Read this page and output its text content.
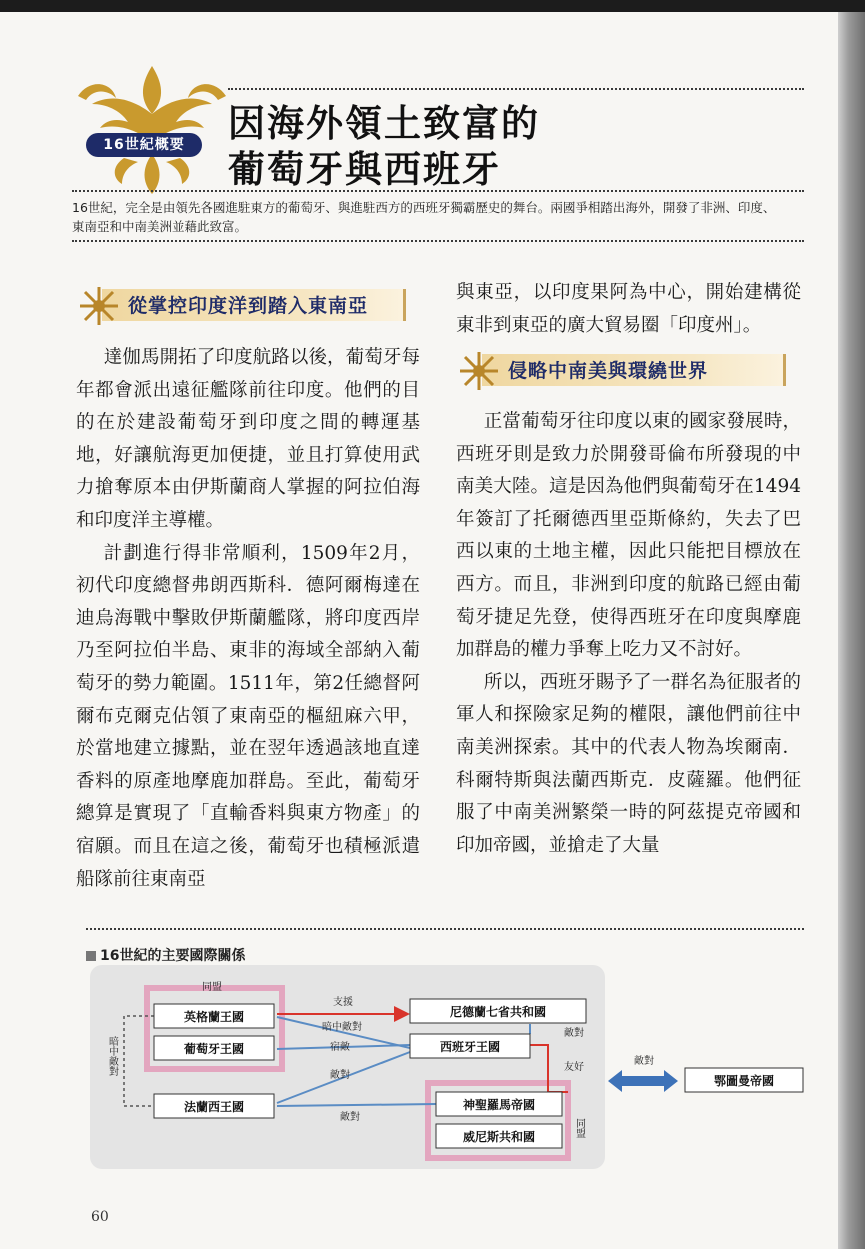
16世紀概要	因海外領土致富的
葡萄牙與西班牙

16世紀，完全是由領先各國進駐東方的葡萄牙、與進駐西方的西班牙獨霸歷史的舞台。兩國爭相踏出海外，開發了非洲、印度、東南亞和中南美洲並藉此致富。

從掌控印度洋到踏入東南亞

達伽馬開拓了印度航路以後，葡萄牙每年都會派出遠征艦隊前往印度。他們的目的在於建設葡萄牙到印度之間的轉運基地，好讓航海更加便捷，並且打算使用武力搶奪原本由伊斯蘭商人掌握的阿拉伯海和印度洋主導權。

計劃進行得非常順利，1509年2月，初代印度總督弗朗西斯科．德阿爾梅達在迪烏海戰中擊敗伊斯蘭艦隊，將印度西岸乃至阿拉伯半島、東非的海域全部納入葡萄牙的勢力範圍。1511年，第2任總督阿爾布克爾克佔領了東南亞的樞紐麻六甲，於當地建立據點，並在翌年透過該地直達香料的原產地摩鹿加群島。至此，葡萄牙總算是實現了「直輸香料與東方物產」的宿願。而且在這之後，葡萄牙也積極派遣船隊前往東南亞

與東亞，以印度果阿為中心，開始建構從東非到東亞的廣大貿易圈「印度州」。

侵略中南美與環繞世界

正當葡萄牙往印度以東的國家發展時，西班牙則是致力於開發哥倫布所發現的中南美大陸。這是因為他們與葡萄牙在1494年簽訂了托爾德西里亞斯條約，失去了巴西以東的土地主權，因此只能把目標放在西方。而且，非洲到印度的航路已經由葡萄牙捷足先登，使得西班牙在印度與摩鹿加群島的權力爭奪上吃力又不討好。

所以，西班牙賜予了一群名為征服者的軍人和探險家足夠的權限，讓他們前往中南美洲探索。其中的代表人物為埃爾南．科爾特斯與法蘭西斯克．皮薩羅。他們征服了中南美洲繁榮一時的阿茲提克帝國和印加帝國，並搶走了大量

16世紀的主要國際關係
英格蘭王國
葡萄牙王國
法蘭西王國
尼德蘭七省共和國
西班牙王國
神聖羅馬帝國
威尼斯共和國
鄂圖曼帝國
同盟
同盟
支援
暗中敵對
暗中敵對
宿敵
敵對
友好
敵對
敵對
敵對
60
